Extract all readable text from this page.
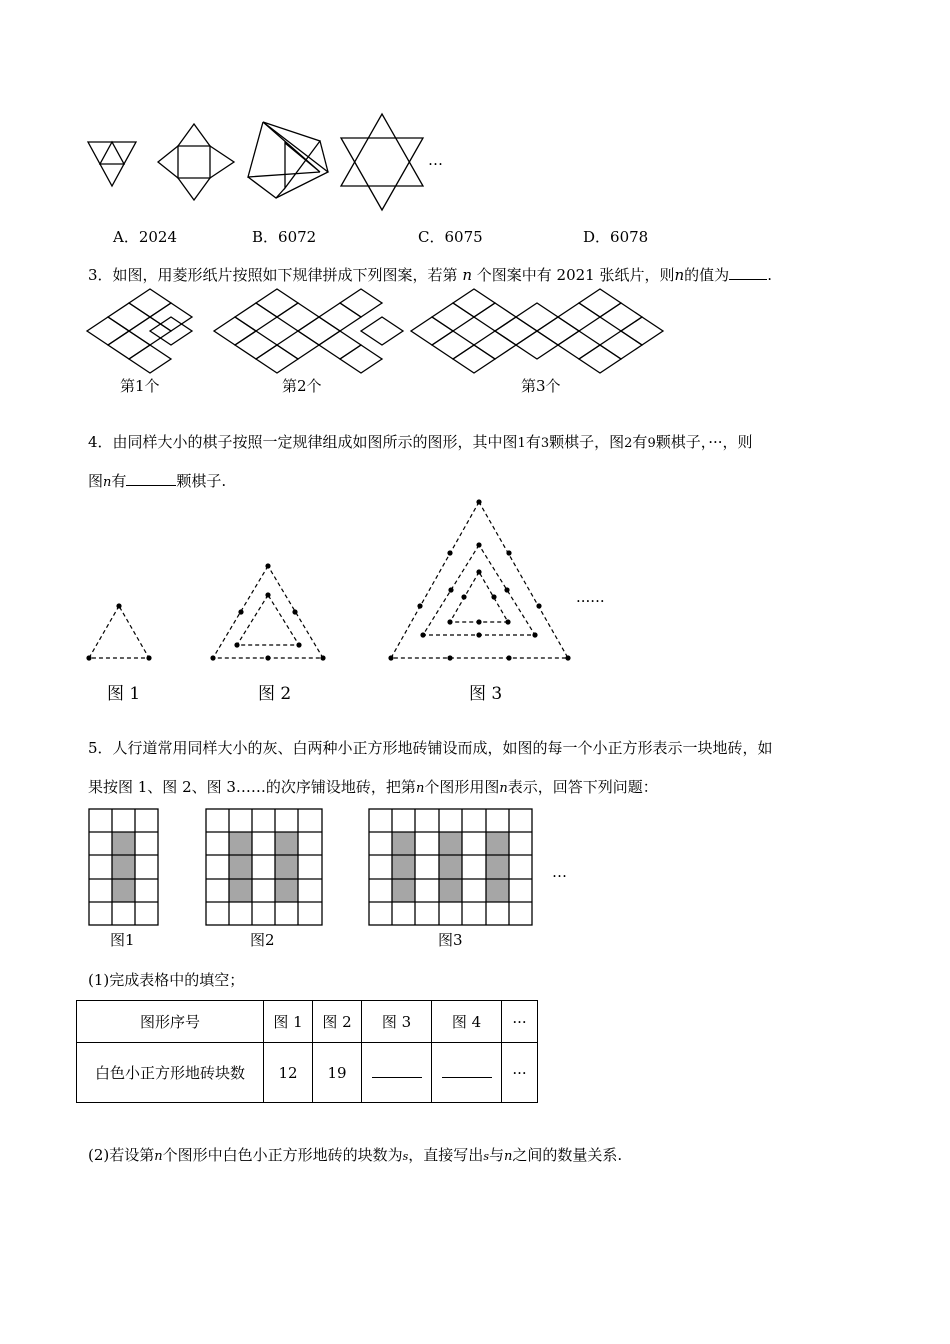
…
A．2024	B．6072	C．6075	D．6078
3．如图，用菱形纸片按照如下规律拼成下列图案，若第 n 个图案中有 2021 张纸片，则n的值为	.
第1个	第2个	第3个
4．由同样大小的棋子按照一定规律组成如图所示的图形，其中图1有3颗棋子，图2有9颗棋子，···，则
图n有	颗棋子.
......
图 1	图 2	图 3
5．人行道常用同样大小的灰、白两种小正方形地砖铺设而成，如图的每一个小正方形表示一块地砖，如
果按图 1、图 2、图 3……的次序铺设地砖，把第n个图形用图n表示，回答下列问题：
…
图1	图2	图3
(1)完成表格中的填空；
图形序号	图 1	图 2	图 3	图 4	···
白色小正方形地砖块数	12	19			···
(2)若设第n个图形中白色小正方形地砖的块数为s，直接写出s与n之间的数量关系.
